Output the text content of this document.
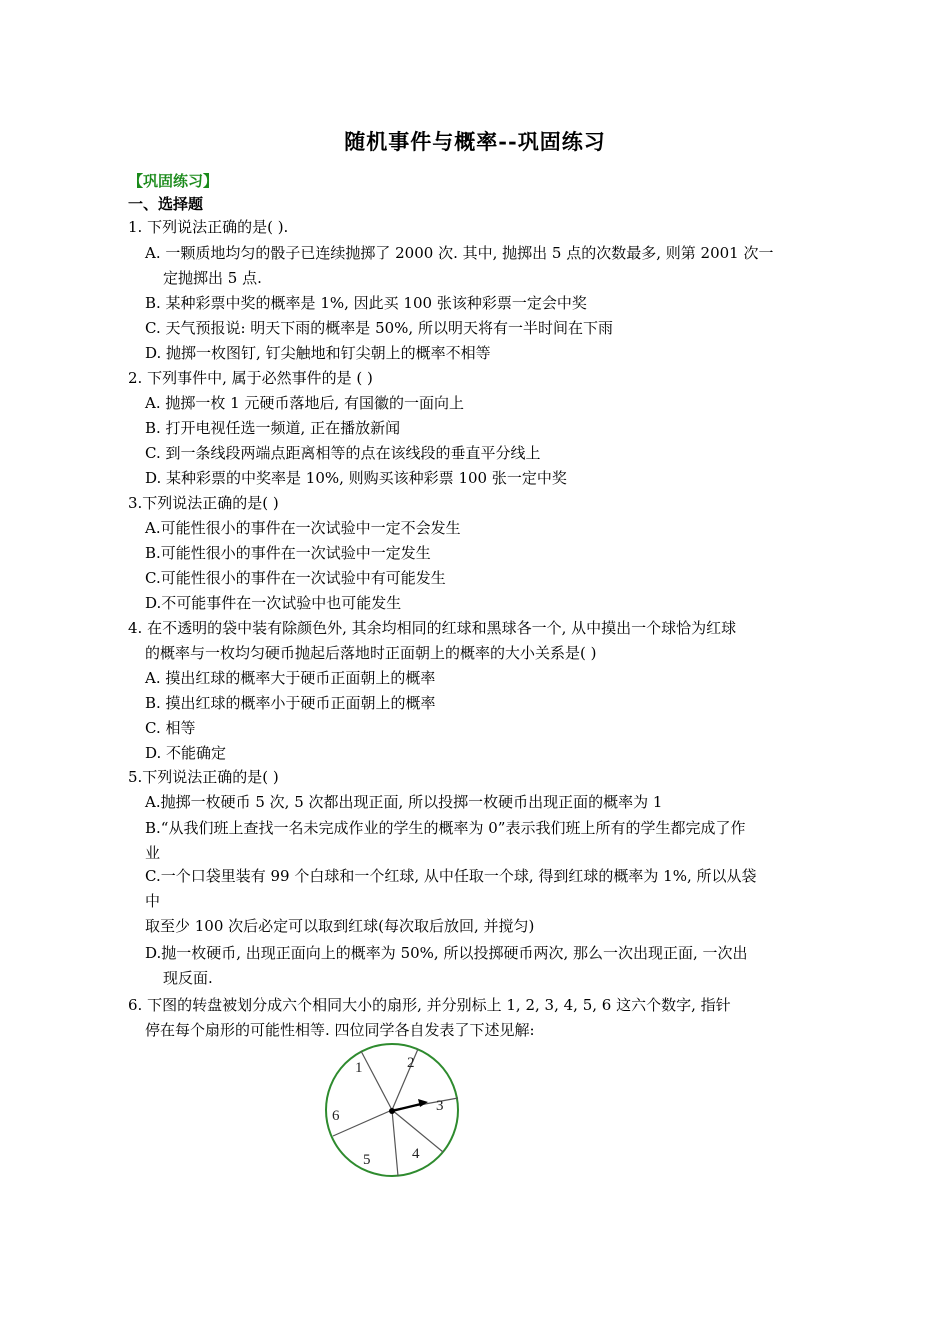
随机事件与概率--巩固练习
【巩固练习】
一、选择题
1. 下列说法正确的是( ).
A. 一颗质地均匀的骰子已连续抛掷了 2000 次. 其中, 抛掷出 5 点的次数最多, 则第 2001 次一
定抛掷出 5 点.
B. 某种彩票中奖的概率是 1%, 因此买 100 张该种彩票一定会中奖
C. 天气预报说: 明天下雨的概率是 50%, 所以明天将有一半时间在下雨
D. 抛掷一枚图钉, 钉尖触地和钉尖朝上的概率不相等
2. 下列事件中, 属于必然事件的是 ( )
A. 抛掷一枚 1 元硬币落地后, 有国徽的一面向上
B. 打开电视任选一频道, 正在播放新闻
C. 到一条线段两端点距离相等的点在该线段的垂直平分线上
D. 某种彩票的中奖率是 10%, 则购买该种彩票 100 张一定中奖
3.下列说法正确的是( )
A.可能性很小的事件在一次试验中一定不会发生
B.可能性很小的事件在一次试验中一定发生
C.可能性很小的事件在一次试验中有可能发生
D.不可能事件在一次试验中也可能发生
4. 在不透明的袋中装有除颜色外, 其余均相同的红球和黑球各一个, 从中摸出一个球恰为红球
的概率与一枚均匀硬币抛起后落地时正面朝上的概率的大小关系是( )
A. 摸出红球的概率大于硬币正面朝上的概率
B. 摸出红球的概率小于硬币正面朝上的概率
C. 相等
D. 不能确定
5.下列说法正确的是( )
A.抛掷一枚硬币 5 次, 5 次都出现正面, 所以投掷一枚硬币出现正面的概率为 1
B.“从我们班上查找一名未完成作业的学生的概率为 0”表示我们班上所有的学生都完成了作
业
C.一个口袋里装有 99 个白球和一个红球, 从中任取一个球, 得到红球的概率为 1%, 所以从袋
中
取至少 100 次后必定可以取到红球(每次取后放回, 并搅匀)
D.抛一枚硬币, 出现正面向上的概率为 50%, 所以投掷硬币两次, 那么一次出现正面, 一次出
现反面.
6. 下图的转盘被划分成六个相同大小的扇形, 并分别标上 1, 2, 3, 4, 5, 6 这六个数字, 指针
停在每个扇形的可能性相等. 四位同学各自发表了下述见解:
1	2
3
4
5
6
